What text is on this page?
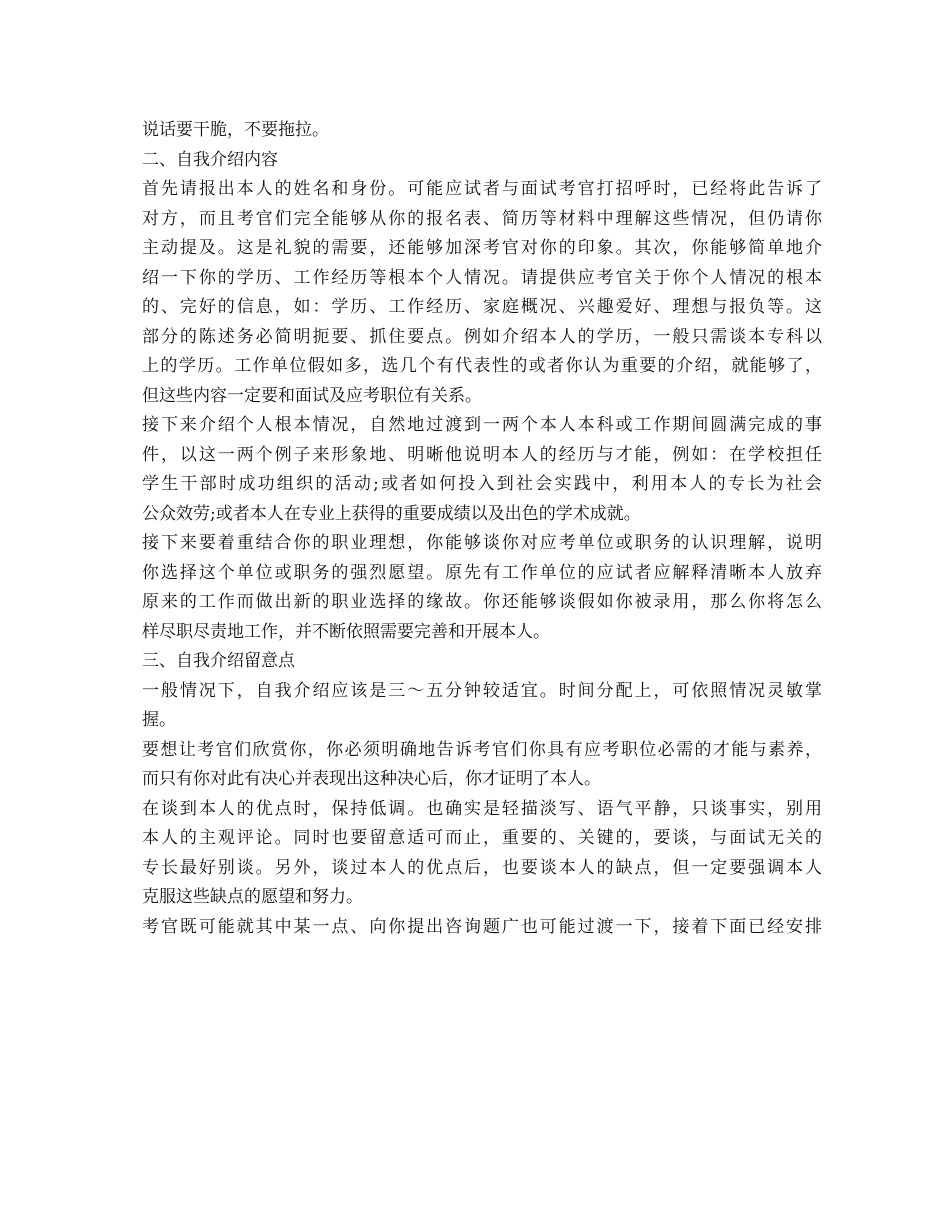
说话要干脆，不要拖拉。
二、自我介绍内容
首先请报出本人的姓名和身份。可能应试者与面试考官打招呼时，已经将此告诉了
对方，而且考官们完全能够从你的报名表、简历等材料中理解这些情况，但仍请你
主动提及。这是礼貌的需要，还能够加深考官对你的印象。其次，你能够简单地介
绍一下你的学历、工作经历等根本个人情况。请提供应考官关于你个人情况的根本
的、完好的信息，如：学历、工作经历、家庭概况、兴趣爱好、理想与报负等。这
部分的陈述务必简明扼要、抓住要点。例如介绍本人的学历，一般只需谈本专科以
上的学历。工作单位假如多，选几个有代表性的或者你认为重要的介绍，就能够了，
但这些内容一定要和面试及应考职位有关系。
接下来介绍个人根本情况，自然地过渡到一两个本人本科或工作期间圆满完成的事
件，以这一两个例子来形象地、明晰他说明本人的经历与才能，例如：在学校担任
学生干部时成功组织的活动;或者如何投入到社会实践中，利用本人的专长为社会
公众效劳;或者本人在专业上获得的重要成绩以及出色的学术成就。
接下来要着重结合你的职业理想，你能够谈你对应考单位或职务的认识理解，说明
你选择这个单位或职务的强烈愿望。原先有工作单位的应试者应解释清晰本人放弃
原来的工作而做出新的职业选择的缘故。你还能够谈假如你被录用，那么你将怎么
样尽职尽责地工作，并不断依照需要完善和开展本人。
三、自我介绍留意点
一般情况下，自我介绍应该是三～五分钟较适宜。时间分配上，可依照情况灵敏掌
握。
要想让考官们欣赏你，你必须明确地告诉考官们你具有应考职位必需的才能与素养，
而只有你对此有决心并表现出这种决心后，你才证明了本人。
在谈到本人的优点时，保持低调。也确实是轻描淡写、语气平静，只谈事实，别用
本人的主观评论。同时也要留意适可而止，重要的、关键的，要谈，与面试无关的
专长最好别谈。另外，谈过本人的优点后，也要谈本人的缺点，但一定要强调本人
克服这些缺点的愿望和努力。
考官既可能就其中某一点、向你提出咨询题广也可能过渡一下，接着下面已经安排
